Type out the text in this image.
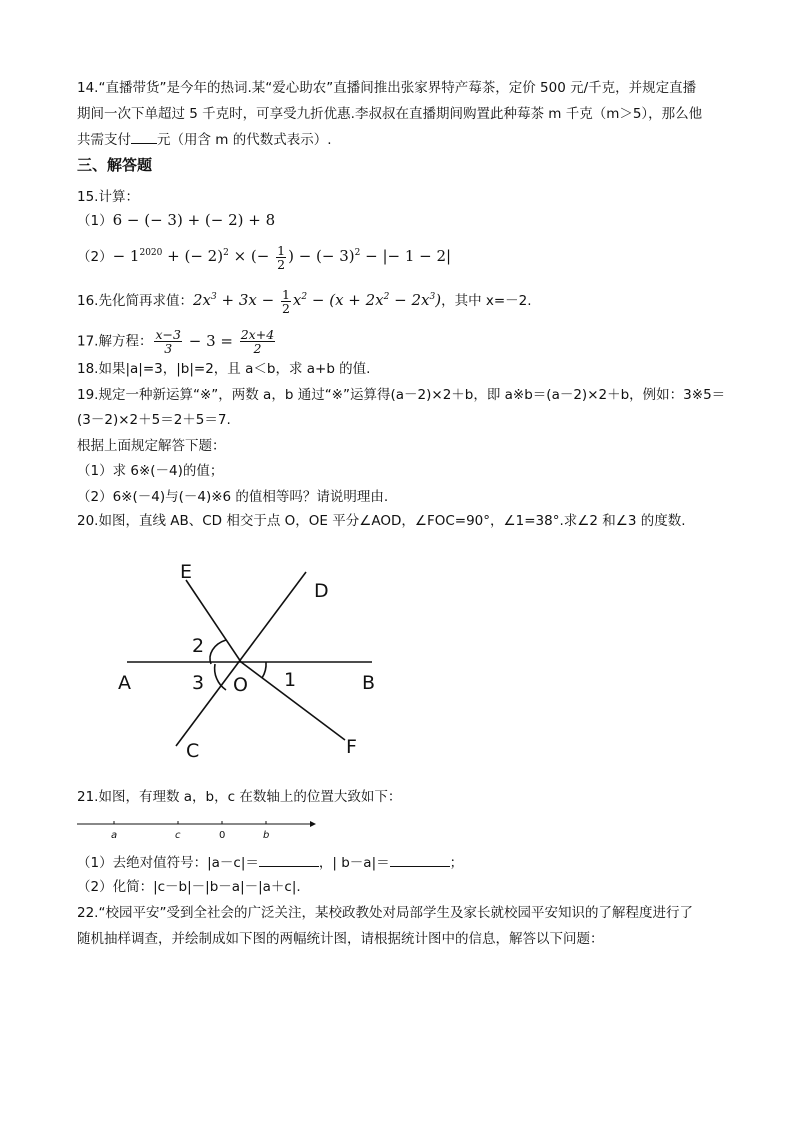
14.“直播带货”是今年的热词.某“爱心助农”直播间推出张家界特产莓茶，定价 500 元/千克，并规定直播
期间一次下单超过 5 千克时，可享受九折优惠.李叔叔在直播期间购置此种莓茶 m 千克（m＞5），那么他
共需支付 元（用含 m 的代数式表示）.
三、解答题
15.计算：
（1）6 − (− 3) + (− 2) + 8
$(2)- 1^{2020}$ + (− 2)$^2$ × (− $\frac{1}{2}$ ) − (− 3)$^2$ − |− 1 − 2|
16.先化简再求值：$2x^3 + 3x - \frac{1}{2} x^2 - (x + 2x^2 - 2x^3)$，其中 x=－2.
17.解方程： $\frac{x-3}{3} - 3 = \frac{2x+4}{2}$
18.如果|a|=3，|b|=2，且 a＜b，求 a+b 的值.
19.规定一种新运算“※”，两数 a，b 通过“※”运算得(a－2)×2＋b，即 a※b＝(a－2)×2＋b，例如：3※5＝
(3－2)×2＋5＝2＋5＝7.
根据上面规定解答下题：
（1）求 6※(－4)的值；
（2）6※(－4)与(－4)※6 的值相等吗？请说明理由.
20.如图，直线 AB、CD 相交于点 O，OE 平分∠AOD，∠FOC=90°，∠1=38°.求∠2 和∠3 的度数.
E
D
A	B
C	F
O 1
2
3
21.如图，有理数 a，b，c 在数轴上的位置大致如下：
a	c	0	b
（1）去绝对值符号：|a－c|＝	，| b－a|＝	；
（2）化简：|c－b|－|b－a|－|a＋c|.
22.“校园平安”受到全社会的广泛关注，某校政教处对局部学生及家长就校园平安知识的了解程度进行了
随机抽样调查，并绘制成如下图的两幅统计图，请根据统计图中的信息，解答以下问题：
